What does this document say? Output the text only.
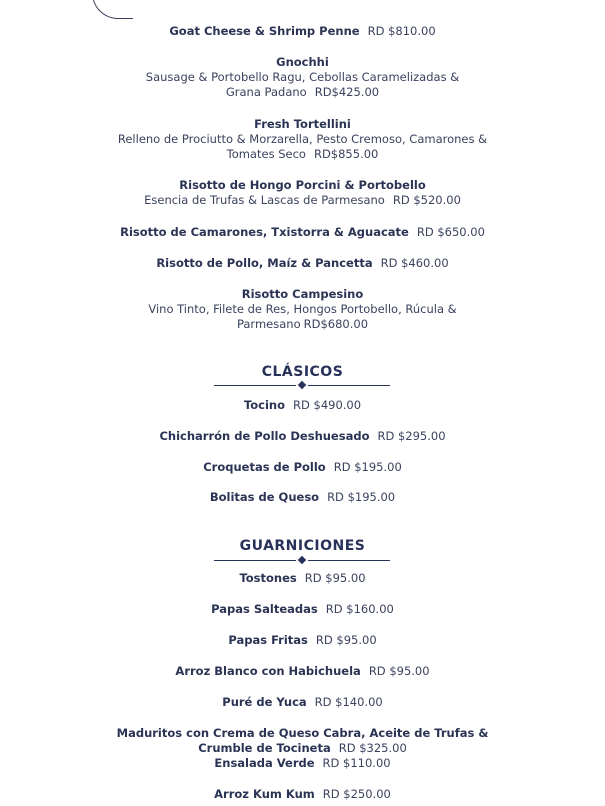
Goat Cheese & Shrimp Penne RD $810.00
Gnochhi
Sausage & Portobello Ragu, Cebollas Caramelizadas &
Grana Padano RD$425.00
Fresh Tortellini
Relleno de Prociutto & Morzarella, Pesto Cremoso, Camarones &
Tomates Seco RD$855.00
Risotto de Hongo Porcini & Portobello
Esencia de Trufas & Lascas de Parmesano RD $520.00
Risotto de Camarones, Txistorra & Aguacate RD $650.00
Risotto de Pollo, Maíz & Pancetta RD $460.00
Risotto Campesino
Vino Tinto, Filete de Res, Hongos Portobello, Rúcula &
Parmesano RD$680.00
CLÁSICOS
Tocino RD $490.00
Chicharrón de Pollo Deshuesado RD $295.00
Croquetas de Pollo RD $195.00
Bolitas de Queso RD $195.00
GUARNICIONES
Tostones RD $95.00
Papas Salteadas RD $160.00
Papas Fritas RD $95.00
Arroz Blanco con Habichuela RD $95.00
Puré de Yuca RD $140.00
Maduritos con Crema de Queso Cabra, Aceite de Trufas &
Crumble de Tocineta RD $325.00
Ensalada Verde RD $110.00
Arroz Kum Kum RD $250.00
